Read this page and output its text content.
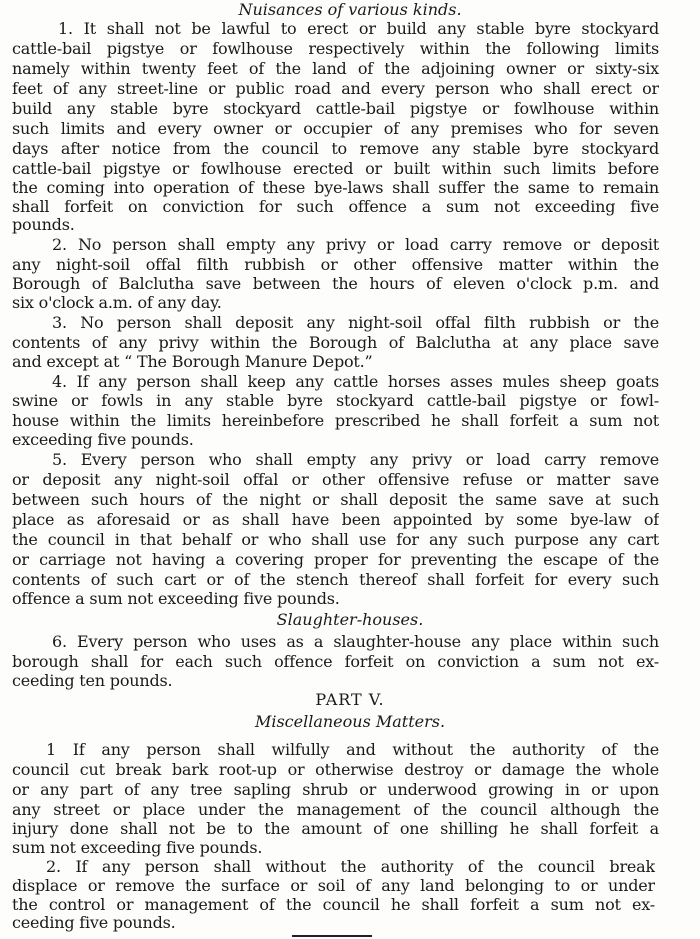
Nuisances of various kinds.
1. It shall not be lawful to erect or build any stable byre stockyard
cattle-bail pigstye or fowlhouse respectively within the following limits
namely within twenty feet of the land of the adjoining owner or sixty-six
feet of any street-line or public road and every person who shall erect or
build any stable byre stockyard cattle-bail pigstye or fowlhouse within
such limits and every owner or occupier of any premises who for seven
days after notice from the council to remove any stable byre stockyard
cattle-bail pigstye or fowlhouse erected or built within such limits before
the coming into operation of these bye-laws shall suffer the same to remain
shall forfeit on conviction for such offence a sum not exceeding five
pounds.
2. No person shall empty any privy or load carry remove or deposit
any night-soil offal filth rubbish or other offensive matter within the
Borough of Balclutha save between the hours of eleven o'clock p.m. and
six o'clock a.m. of any day.
3. No person shall deposit any night-soil offal filth rubbish or the
contents of any privy within the Borough of Balclutha at any place save
and except at “ The Borough Manure Depot.”
4. If any person shall keep any cattle horses asses mules sheep goats
swine or fowls in any stable byre stockyard cattle-bail pigstye or fowl-
house within the limits hereinbefore prescribed he shall forfeit a sum not
exceeding five pounds.
5. Every person who shall empty any privy or load carry remove
or deposit any night-soil offal or other offensive refuse or matter save
between such hours of the night or shall deposit the same save at such
place as aforesaid or as shall have been appointed by some bye-law of
the council in that behalf or who shall use for any such purpose any cart
or carriage not having a covering proper for preventing the escape of the
contents of such cart or of the stench thereof shall forfeit for every such
offence a sum not exceeding five pounds.
Slaughter-houses.
6. Every person who uses as a slaughter-house any place within such
borough shall for each such offence forfeit on conviction a sum not ex-
ceeding ten pounds.
PART V.
Miscellaneous Matters.
1 If any person shall wilfully and without the authority of the
council cut break bark root-up or otherwise destroy or damage the whole
or any part of any tree sapling shrub or underwood growing in or upon
any street or place under the management of the council although the
injury done shall not be to the amount of one shilling he shall forfeit a
sum not exceeding five pounds.
2. If any person shall without the authority of the council break
displace or remove the surface or soil of any land belonging to or under
the control or management of the council he shall forfeit a sum not ex-
ceeding five pounds.
